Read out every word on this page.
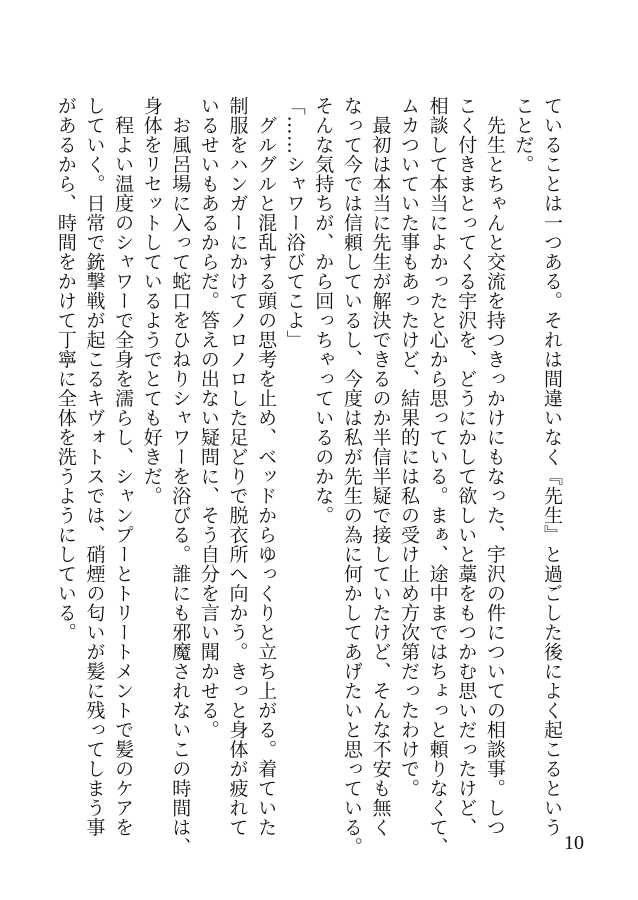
ていることは一つある。それは間違いなく『先生』と過ごした後によく起こるという

ことだ。

　先生とちゃんと交流を持つきっかけにもなった、宇沢の件についての相談事。しつ

こく付きまとってくる宇沢を、どうにかして欲しいと藁をもつかむ思いだったけど、

相談して本当によかったと心から思っている。まぁ、途中まではちょっと頼りなくて、

ムカついていた事もあったけど、結果的には私の受け止め方次第だったわけで。

　最初は本当に先生が解決できるのか半信半疑で接していたけど、そんな不安も無く

なって今では信頼しているし、今度は私が先生の為に何かしてあげたいと思っている。

そんな気持ちが、から回っちゃっているのかな。

「……シャワー浴びてこよ」

　グルグルと混乱する頭の思考を止め、ベッドからゆっくりと立ち上がる。着ていた

制服をハンガーにかけてノロノロした足どりで脱衣所へ向かう。きっと身体が疲れて

いるせいもあるからだ。答えの出ない疑問に、そう自分を言い聞かせる。

　お風呂場に入って蛇口をひねりシャワーを浴びる。誰にも邪魔されないこの時間は、

身体をリセットしているようでとても好きだ。

　程よい温度のシャワーで全身を濡らし、シャンプーとトリートメントで髪のケアを

していく。日常で銃撃戦が起こるキヴォトスでは、硝煙の匂いが髪に残ってしまう事

があるから、時間をかけて丁寧に全体を洗うようにしている。

10
